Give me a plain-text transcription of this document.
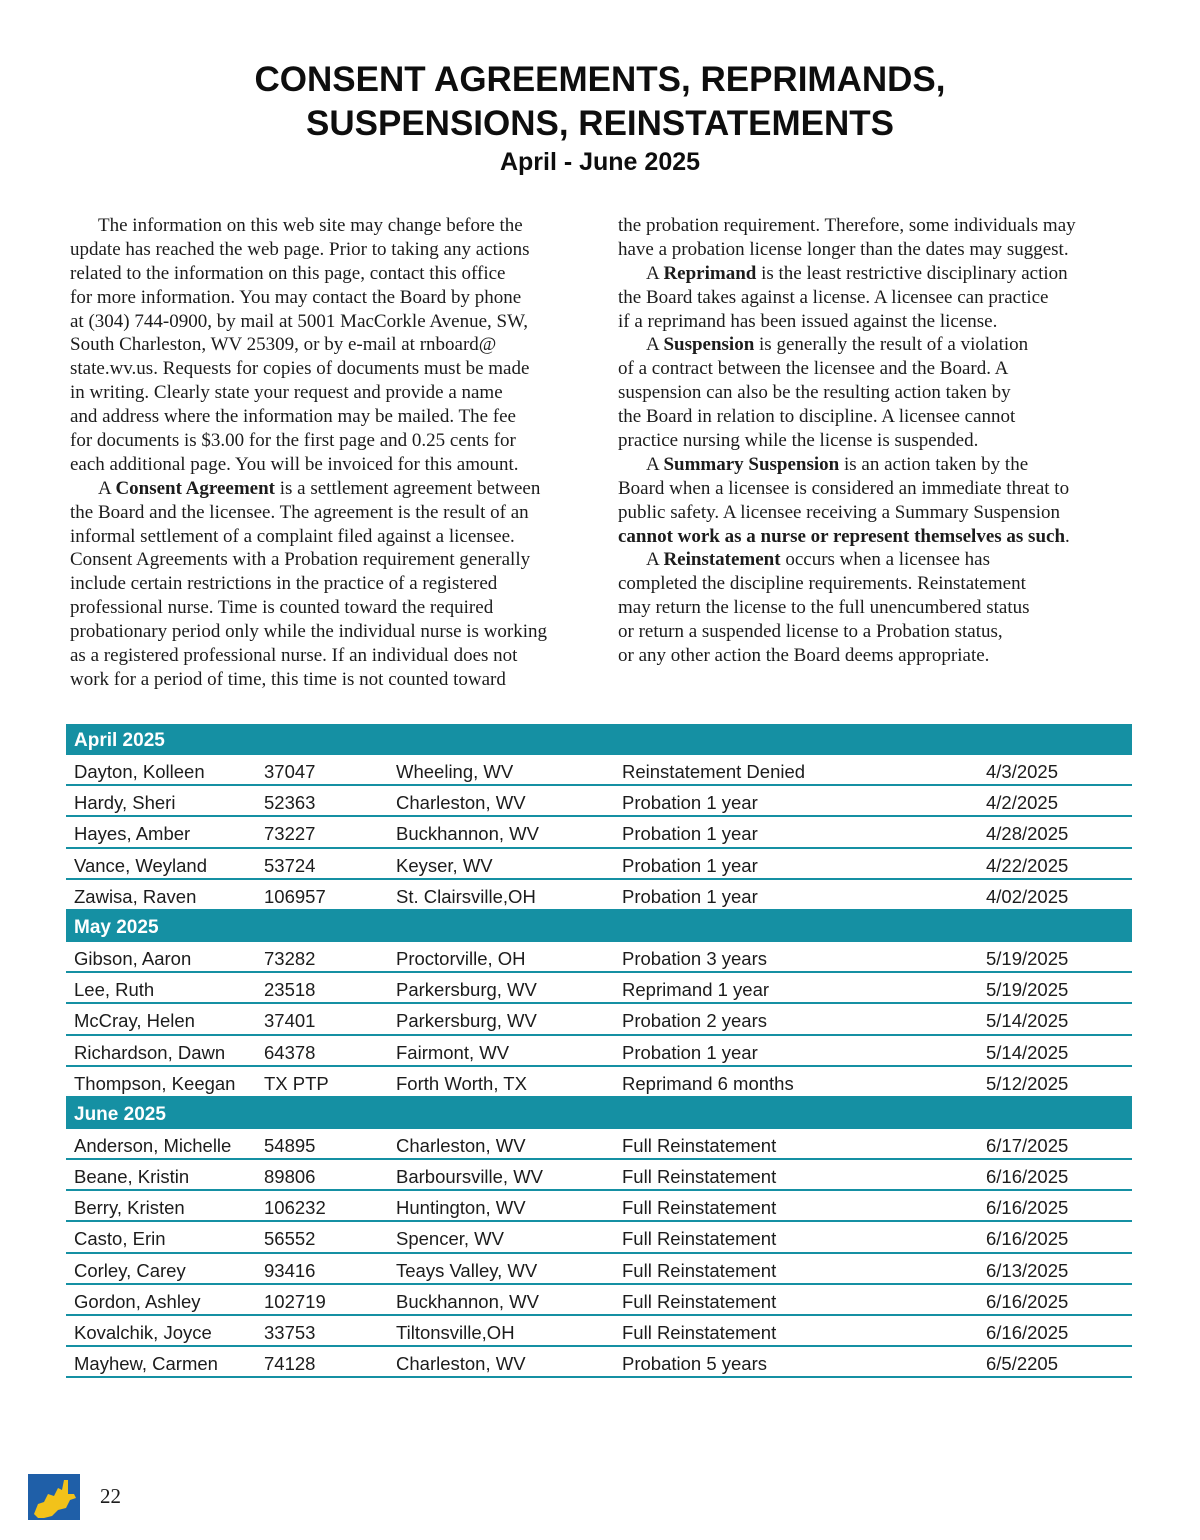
CONSENT AGREEMENTS, REPRIMANDS,
SUSPENSIONS, REINSTATEMENTS
April - June 2025
The information on this web site may change before the
update has reached the web page. Prior to taking any actions
related to the information on this page, contact this office
for more information. You may contact the Board by phone
at (304) 744-0900, by mail at 5001 MacCorkle Avenue, SW,
South Charleston, WV 25309, or by e-mail at rnboard@
state.wv.us. Requests for copies of documents must be made
in writing. Clearly state your request and provide a name
and address where the information may be mailed. The fee
for documents is $3.00 for the first page and 0.25 cents for
each additional page. You will be invoiced for this amount.
A Consent Agreement is a settlement agreement between
the Board and the licensee. The agreement is the result of an
informal settlement of a complaint filed against a licensee.
Consent Agreements with a Probation requirement generally
include certain restrictions in the practice of a registered
professional nurse. Time is counted toward the required
probationary period only while the individual nurse is working
as a registered professional nurse. If an individual does not
work for a period of time, this time is not counted toward
the probation requirement. Therefore, some individuals may
have a probation license longer than the dates may suggest.
A Reprimand is the least restrictive disciplinary action
the Board takes against a license. A licensee can practice
if a reprimand has been issued against the license.
A Suspension is generally the result of a violation
of a contract between the licensee and the Board. A
suspension can also be the resulting action taken by
the Board in relation to discipline. A licensee cannot
practice nursing while the license is suspended.
A Summary Suspension is an action taken by the
Board when a licensee is considered an immediate threat to
public safety. A licensee receiving a Summary Suspension
cannot work as a nurse or represent themselves as such.
A Reinstatement occurs when a licensee has
completed the discipline requirements. Reinstatement
may return the license to the full unencumbered status
or return a suspended license to a Probation status,
or any other action the Board deems appropriate.
April 2025
Dayton, Kolleen	37047	Wheeling, WV	Reinstatement Denied	4/3/2025
Hardy, Sheri	52363	Charleston, WV	Probation 1 year	4/2/2025
Hayes, Amber	73227	Buckhannon, WV	Probation 1 year	4/28/2025
Vance, Weyland	53724	Keyser, WV	Probation 1 year	4/22/2025
Zawisa, Raven	106957	St. Clairsville,OH	Probation 1 year	4/02/2025
May 2025
Gibson, Aaron	73282	Proctorville, OH	Probation 3 years	5/19/2025
Lee, Ruth	23518	Parkersburg, WV	Reprimand 1 year	5/19/2025
McCray, Helen	37401	Parkersburg, WV	Probation 2 years	5/14/2025
Richardson, Dawn 64378	Fairmont, WV	Probation 1 year	5/14/2025
Thompson, Keegan TX PTP	Forth Worth, TX	Reprimand 6 months	5/12/2025
June 2025
Anderson, Michelle 54895	Charleston, WV	Full Reinstatement	6/17/2025
Beane, Kristin	89806	Barboursville, WV	Full Reinstatement	6/16/2025
Berry, Kristen	106232	Huntington, WV	Full Reinstatement	6/16/2025
Casto, Erin	56552	Spencer, WV	Full Reinstatement	6/16/2025
Corley, Carey	93416	Teays Valley, WV	Full Reinstatement	6/13/2025
Gordon, Ashley	102719	Buckhannon, WV	Full Reinstatement	6/16/2025
Kovalchik, Joyce	33753	Tiltonsville,OH	Full Reinstatement	6/16/2025
Mayhew, Carmen 74128	Charleston, WV	Probation 5 years	6/5/2205
22
